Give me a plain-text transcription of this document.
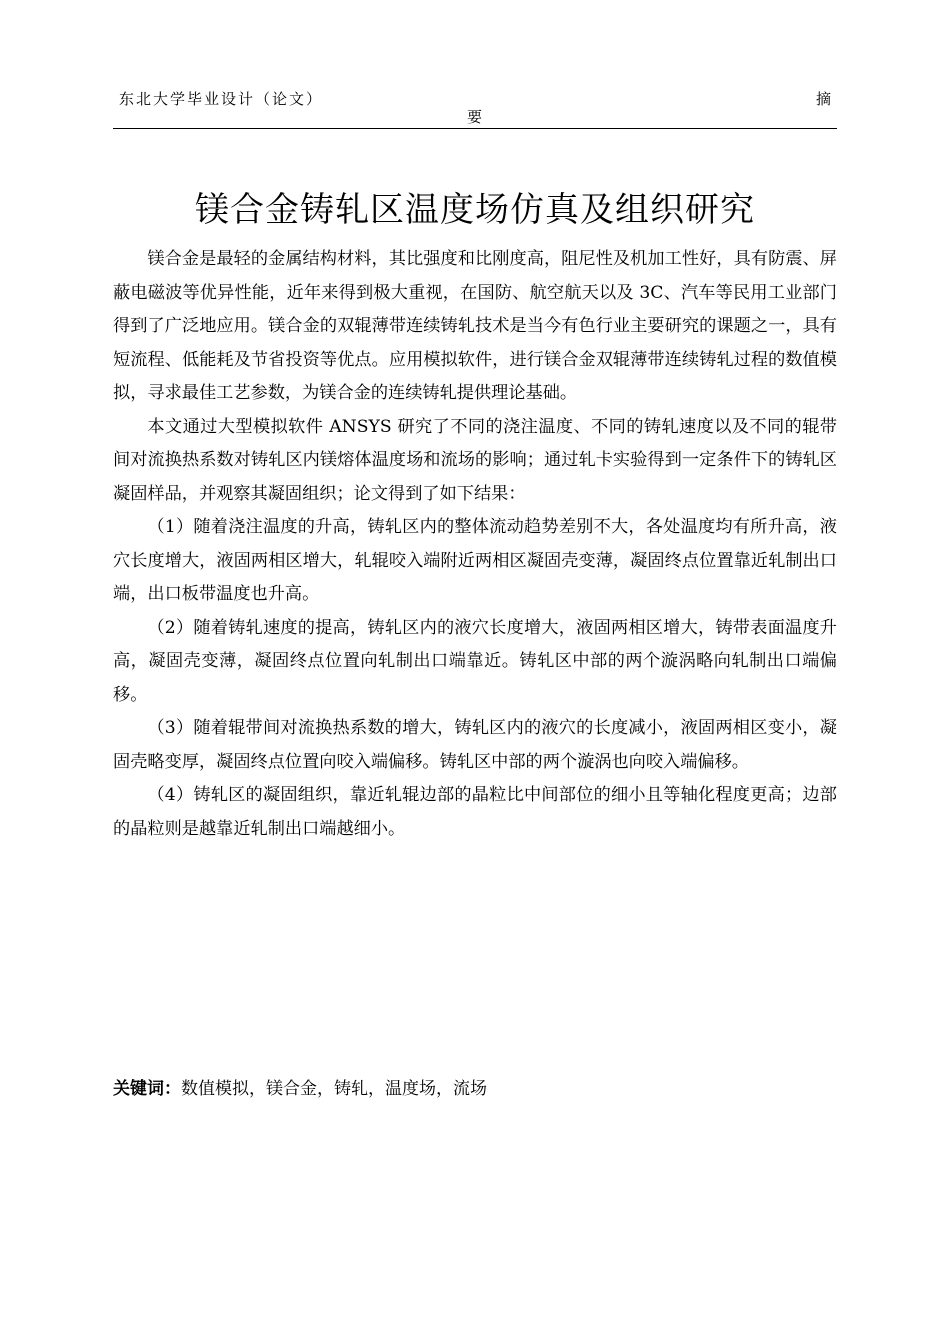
东北大学毕业设计（论文）	摘
要
镁合金铸轧区温度场仿真及组织研究

镁合金是最轻的金属结构材料，其比强度和比刚度高，阻尼性及机加工性好，具有防震、屏蔽电磁波等优异性能，近年来得到极大重视，在国防、航空航天以及 3C、汽车等民用工业部门得到了广泛地应用。镁合金的双辊薄带连续铸轧技术是当今有色行业主要研究的课题之一，具有短流程、低能耗及节省投资等优点。应用模拟软件，进行镁合金双辊薄带连续铸轧过程的数值模拟，寻求最佳工艺参数，为镁合金的连续铸轧提供理论基础。

本文通过大型模拟软件 ANSYS 研究了不同的浇注温度、不同的铸轧速度以及不同的辊带间对流换热系数对铸轧区内镁熔体温度场和流场的影响；通过轧卡实验得到一定条件下的铸轧区凝固样品，并观察其凝固组织；论文得到了如下结果：

（1）随着浇注温度的升高，铸轧区内的整体流动趋势差别不大，各处温度均有所升高，液穴长度增大，液固两相区增大，轧辊咬入端附近两相区凝固壳变薄，凝固终点位置靠近轧制出口端，出口板带温度也升高。

（2）随着铸轧速度的提高，铸轧区内的液穴长度增大，液固两相区增大，铸带表面温度升高，凝固壳变薄，凝固终点位置向轧制出口端靠近。铸轧区中部的两个漩涡略向轧制出口端偏移。

（3）随着辊带间对流换热系数的增大，铸轧区内的液穴的长度减小，液固两相区变小，凝固壳略变厚，凝固终点位置向咬入端偏移。铸轧区中部的两个漩涡也向咬入端偏移。

（4）铸轧区的凝固组织，靠近轧辊边部的晶粒比中间部位的细小且等轴化程度更高；边部的晶粒则是越靠近轧制出口端越细小。

关键词：数值模拟，镁合金，铸轧，温度场，流场
